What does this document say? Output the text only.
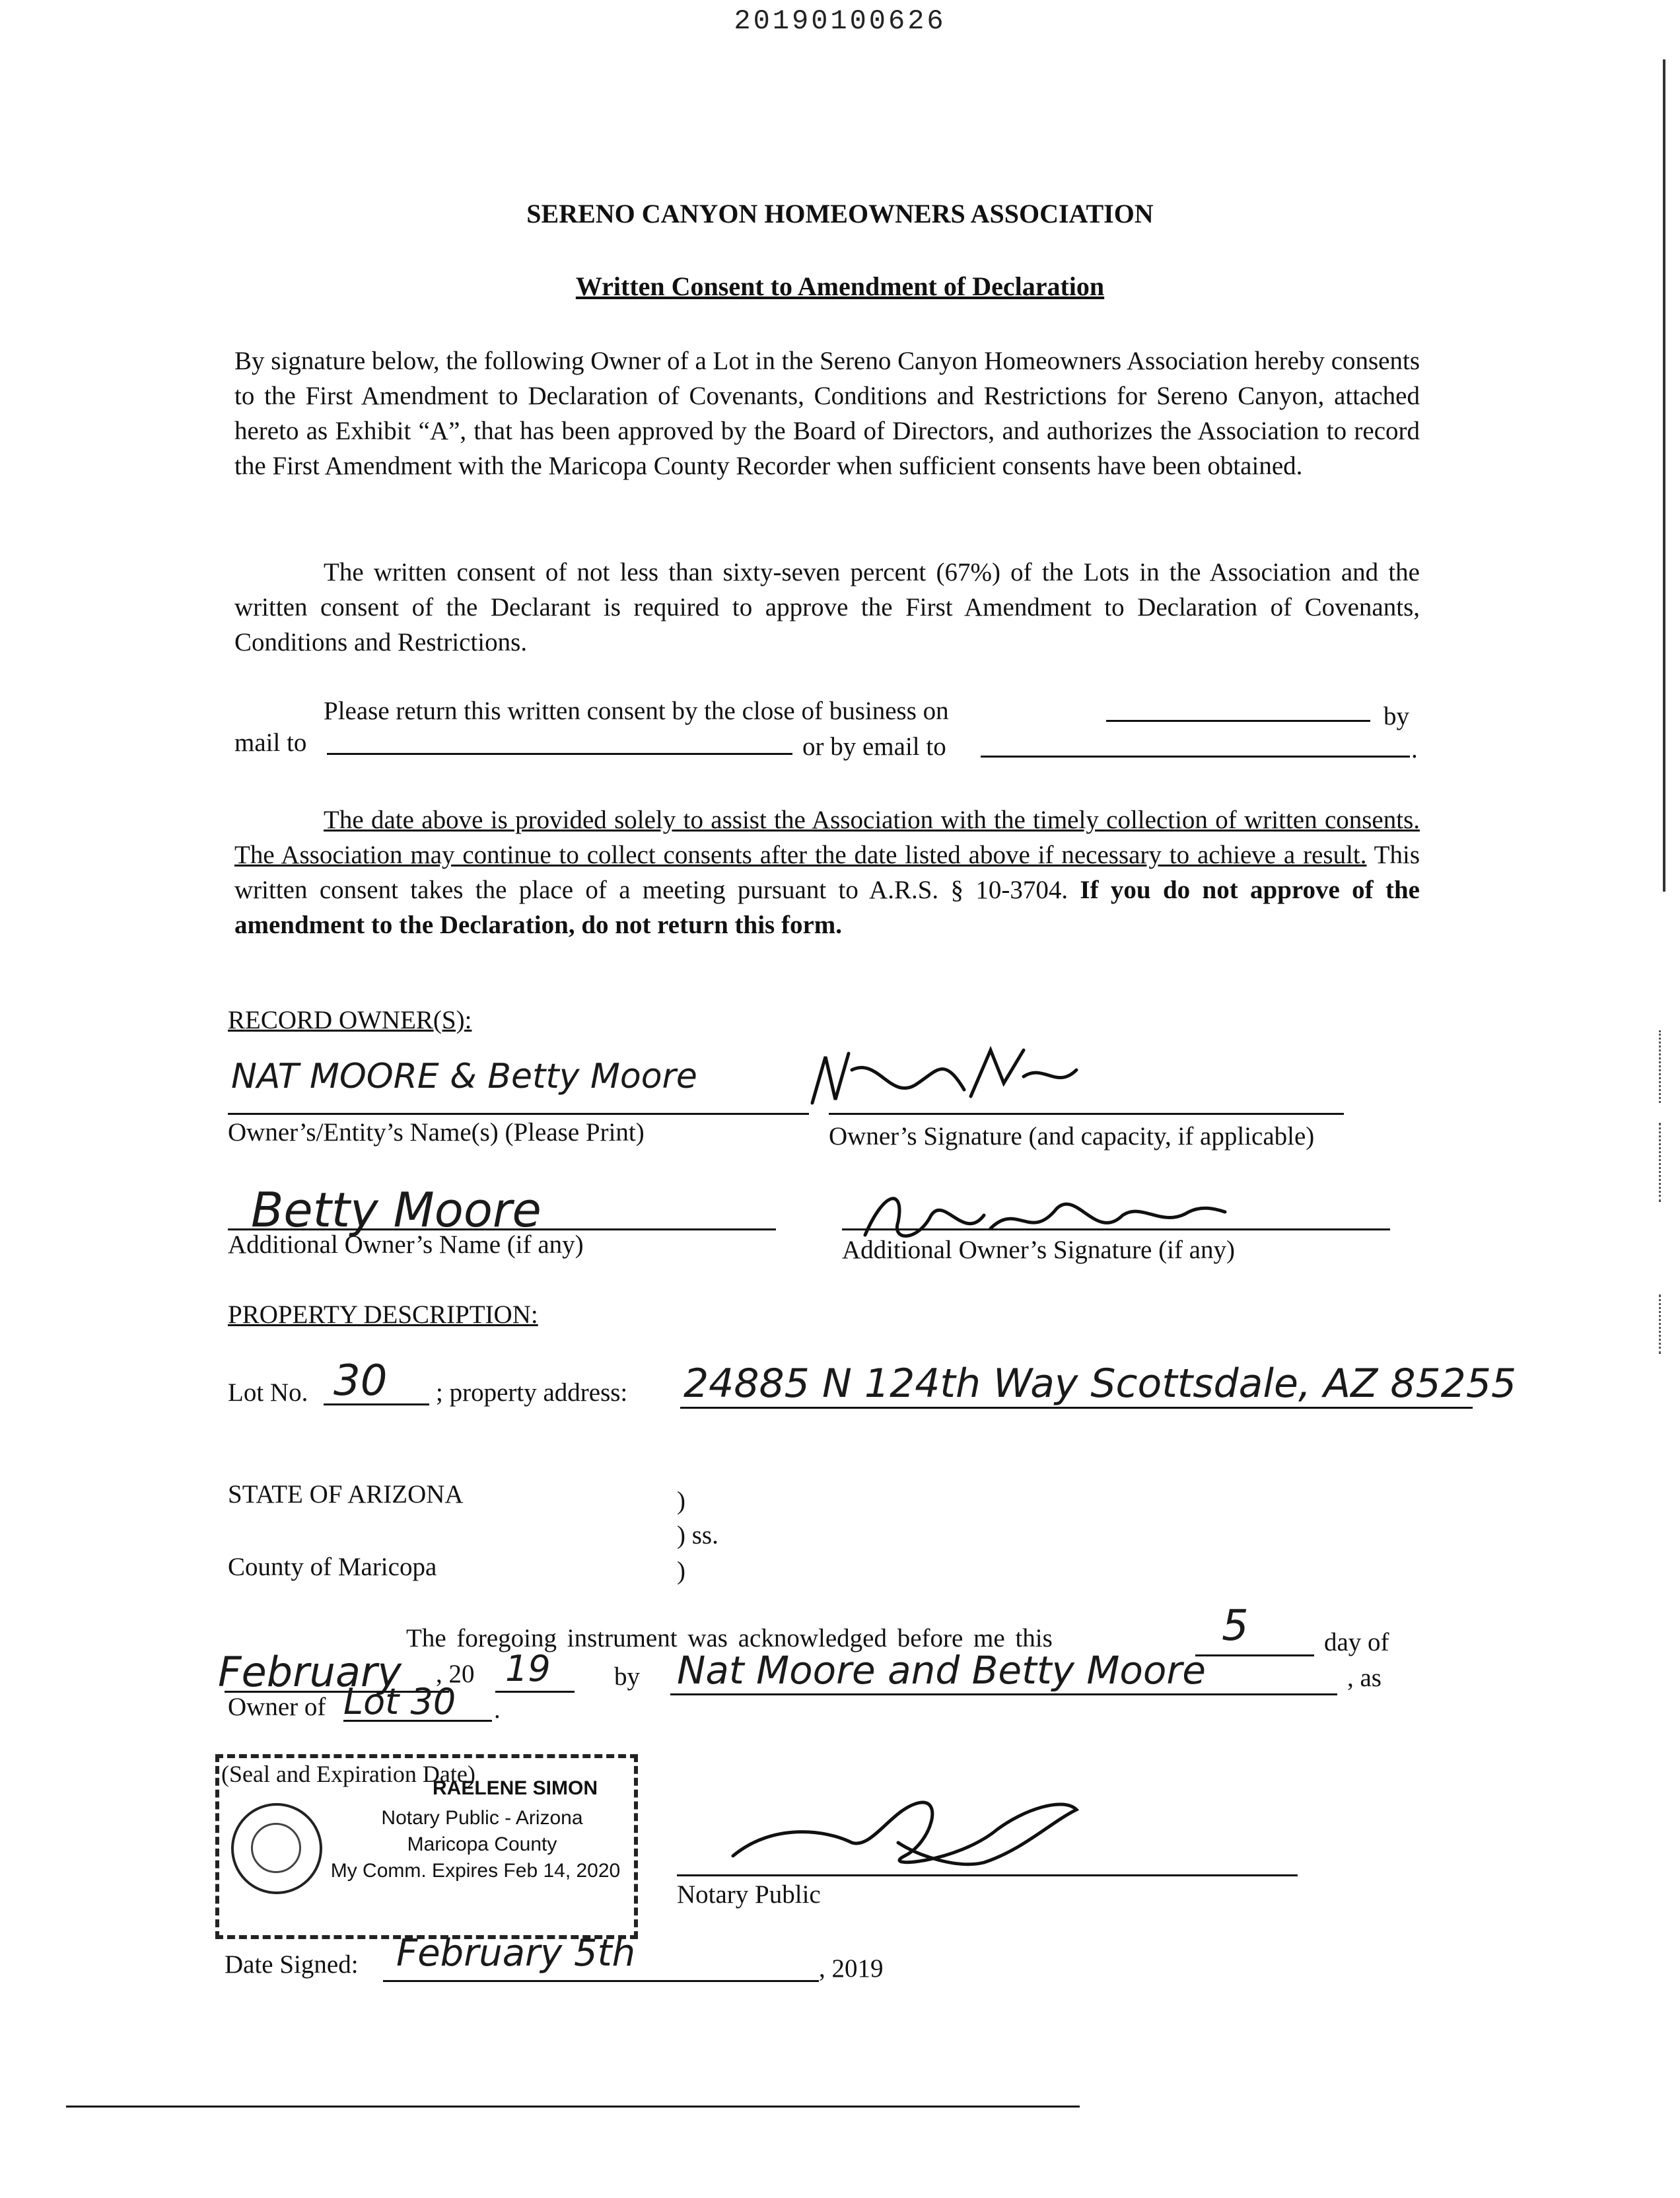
20190100626
SERENO CANYON HOMEOWNERS ASSOCIATION
Written Consent to Amendment of Declaration

By signature below, the following Owner of a Lot in the Sereno Canyon Homeowners Association hereby consents to the First Amendment to Declaration of Covenants, Conditions and Restrictions for Sereno Canyon, attached hereto as Exhibit “A”, that has been approved by the Board of Directors, and authorizes the Association to record the First Amendment with the Maricopa County Recorder when sufficient consents have been obtained.

The written consent of not less than sixty-seven percent (67%) of the Lots in the Association and the written consent of the Declarant is required to approve the First Amendment to Declaration of Covenants, Conditions and Restrictions.

Please return this written consent by the close of business on	by
mail to	or by email to	.

The date above is provided solely to assist the Association with the timely collection of written consents. The Association may continue to collect consents after the date listed above if necessary to achieve a result. This written consent takes the place of a meeting pursuant to A.R.S. § 10-3704. If you do not approve of the amendment to the Declaration, do not return this form.

RECORD OWNER(S):
NAT MOORE & Betty Moore
Owner’s/Entity’s Name(s) (Please Print)	Owner’s Signature (and capacity, if applicable)
Betty Moore
Additional Owner’s Name (if any)	Additional Owner’s Signature (if any)
PROPERTY DESCRIPTION:
Lot No. 30 ; property address: 24885 N 124th Way Scottsdale, AZ 85255
STATE OF ARIZONA	)
) ss.
County of Maricopa	)
The foregoing instrument was acknowledged before me this	5	day of
February , 20 19 by Nat Moore and Betty Moore	, as
Owner of Lot 30 .
(Seal and Expiration Date)
RAELENE SIMON
Notary Public - Arizona
Maricopa County
My Comm. Expires Feb 14, 2020
Notary Public
Date Signed: February 5th	, 2019
